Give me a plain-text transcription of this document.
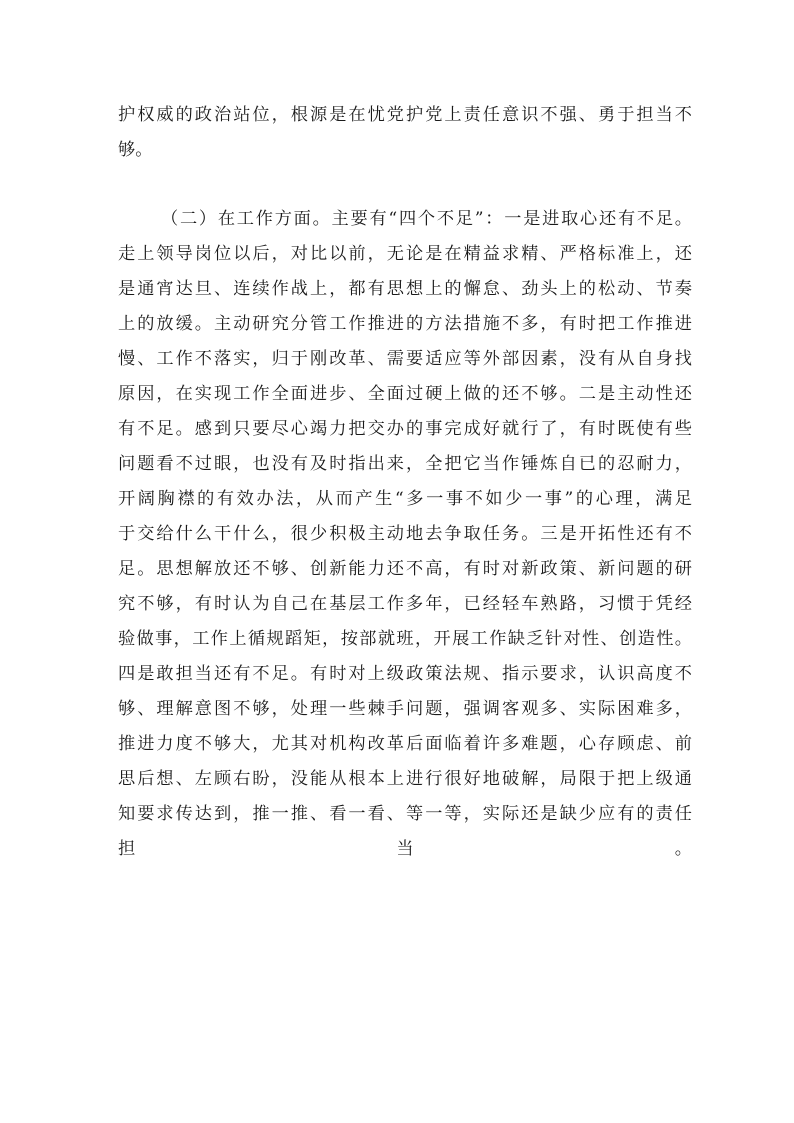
护权威的政治站位，根源是在忧党护党上责任意识不强、勇于担当不
够。
（二）在工作方面。主要有“四个不足”：一是进取心还有不足。
走上领导岗位以后，对比以前，无论是在精益求精、严格标准上，还
是通宵达旦、连续作战上，都有思想上的懈怠、劲头上的松动、节奏
上的放缓。主动研究分管工作推进的方法措施不多，有时把工作推进
慢、工作不落实，归于刚改革、需要适应等外部因素，没有从自身找
原因，在实现工作全面进步、全面过硬上做的还不够。二是主动性还
有不足。感到只要尽心竭力把交办的事完成好就行了，有时既使有些
问题看不过眼，也没有及时指出来，全把它当作锤炼自已的忍耐力，
开阔胸襟的有效办法，从而产生“多一事不如少一事”的心理，满足
于交给什么干什么，很少积极主动地去争取任务。三是开拓性还有不
足。思想解放还不够、创新能力还不高，有时对新政策、新问题的研
究不够，有时认为自己在基层工作多年，已经轻车熟路，习惯于凭经
验做事，工作上循规蹈矩，按部就班，开展工作缺乏针对性、创造性。
四是敢担当还有不足。有时对上级政策法规、指示要求，认识高度不
够、理解意图不够，处理一些棘手问题，强调客观多、实际困难多，
推进力度不够大，尤其对机构改革后面临着许多难题，心存顾虑、前
思后想、左顾右盼，没能从根本上进行很好地破解，局限于把上级通
知要求传达到，推一推、看一看、等一等，实际还是缺少应有的责任
担当。
